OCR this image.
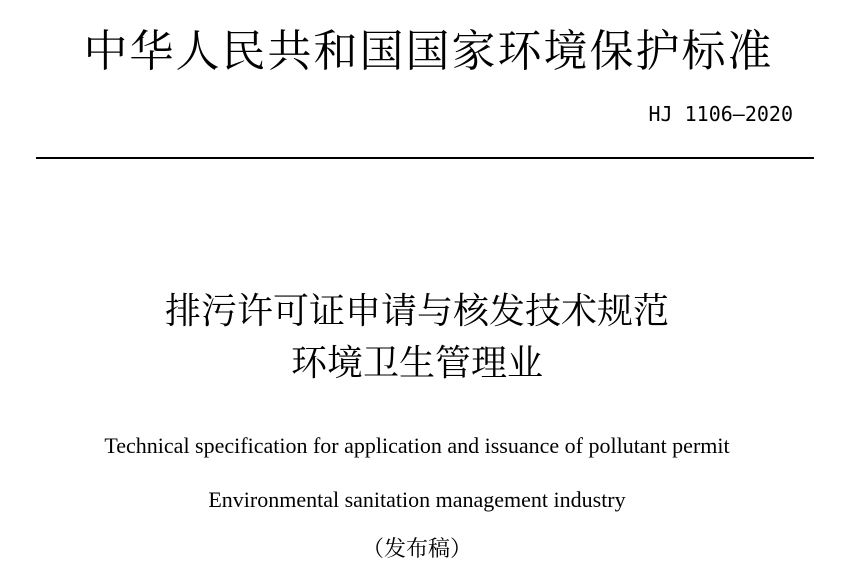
中华人民共和国国家环境保护标准
HJ 1106—2020
排污许可证申请与核发技术规范
环境卫生管理业
Technical specification for application and issuance of pollutant permit
Environmental sanitation management industry
（发布稿）
